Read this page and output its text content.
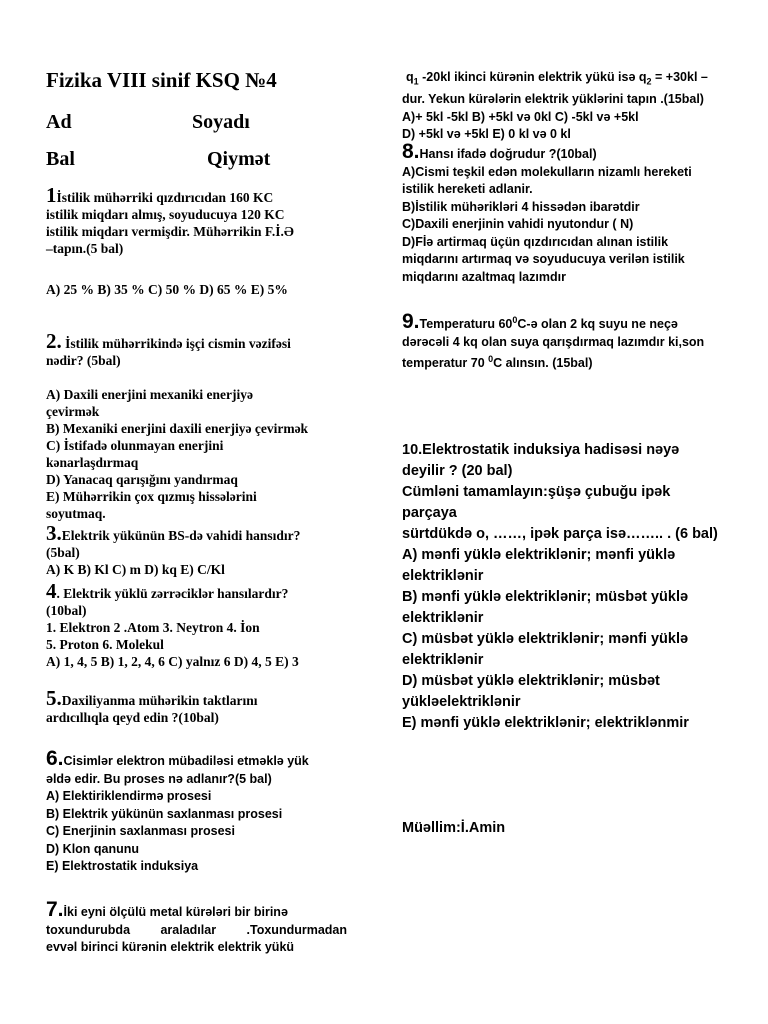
Fizika VIII sinif KSQ №4
Ad	Soyadı
Bal	Qiymət
1İstilik mühərriki qızdırıcıdan 160 KC
istilik miqdarı almış, soyuducuya 120 KC
istilik miqdarı vermişdir. Mühərrikin F.İ.Ə
–tapın.(5 bal)
A) 25 % B) 35 % C) 50 % D) 65 % E) 5%
2. İstilik mühərrikində işçi cismin vəzifəsi
nədir? (5bal)
A) Daxili enerjini mexaniki enerjiyə
çevirmək
B) Mexaniki enerjini daxili enerjiyə çevirmək
C) İstifadə olunmayan enerjini
kənarlaşdırmaq
D) Yanacaq qarışığını yandırmaq
E) Mühərrikin çox qızmış hissələrini
soyutmaq.
3.Elektrik yükünün BS-də vahidi hansıdır?
(5bal)
A) K B) Kl C) m D) kq E) C/Kl
4. Elektrik yüklü zərrəciklər hansılardır?
(10bal)
1. Elektron 2 .Atom 3. Neytron 4. İon
5. Proton 6. Molekul
A) 1, 4, 5 B) 1, 2, 4, 6 C) yalnız 6 D) 4, 5 E) 3
5.Daxiliyanma mühərikin taktlarını
ardıcıllıqla qeyd edin ?(10bal)
6.Cisimlər elektron mübadiləsi etməklə yük
əldə edir. Bu proses nə adlanır?(5 bal)
A) Elektiriklendirmə prosesi
B) Elektrik yükünün saxlanması prosesi
C) Enerjinin saxlanması prosesi
D) Klon qanunu
E) Elektrostatik induksiya
7.İki eyni ölçülü metal kürələri bir birinə
toxundurubda araladılar .Toxundurmadan
evvəl birinci kürənin elektrik elektrik yükü
$q_1$ -20kl ikinci kürənin elektrik yükü isə $q_2 = +30kl$ –
dur. Yekun kürələrin elektrik yüklərini tapın .(15bal)
A)+ 5kl -5kl B) +5kl və 0kl C) -5kl və +5kl
D) +5kl və +5kl E) 0 kl və 0 kl
8.Hansı ifadə doğrudur ?(10bal)
A)Cismi teşkil edən molekulların nizamlı hereketi
istilik hereketi adlanir.
B)İstilik mühərikləri 4 hissədən ibarətdir
C)Daxili enerjinin vahidi nyutondur ( N)
D)Fİə artirmaq üçün qızdırıcıdan alınan istilik
miqdarını artırmaq və soyuducuya verilən istilik
miqdarını azaltmaq lazımdır
9.Temperaturu $60^0C-ə$ olan 2 kq suyu ne neçə
dərəcəli 4 kq olan suya qarışdırmaq lazımdır ki,son
temperatur 70 $^0$C alınsın. (15bal)
10.Elektrostatik induksiya hadisəsi nəyə
deyilir ? (20 bal)
Cümləni tamamlayın:şüşə çubuğu ipək
parçaya
sürtdükdə o, ……, ipək parça isə…….. . (6 bal)
A) mənfi yüklə elektriklənir; mənfi yüklə
elektriklənir
B) mənfi yüklə elektriklənir; müsbət yüklə
elektriklənir
C) müsbət yüklə elektriklənir; mənfi yüklə
elektriklənir
D) müsbət yüklə elektriklənir; müsbət
yükləelektriklənir
E) mənfi yüklə elektriklənir; elektriklənmir
Müəllim:İ.Amin
